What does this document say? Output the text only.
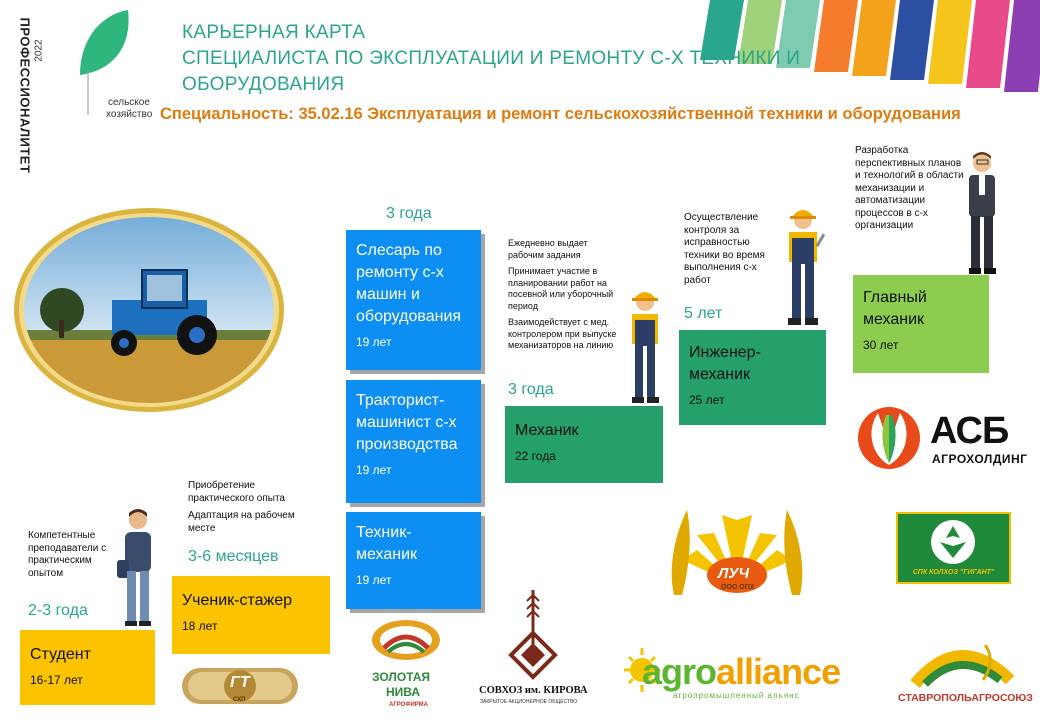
ПРОФЕССИОНАЛИТЕТ 2022
сельское
хозяйство
КАРЬЕРНАЯ КАРТА
СПЕЦИАЛИСТА ПО ЭКСПЛУАТАЦИИ И РЕМОНТУ С-Х ТЕХНИКИ И
ОБОРУДОВАНИЯ
Специальность: 35.02.16 Эксплуатация и ремонт сельскохозяйственной техники и оборудования
2-3 года
3-6 месяцев
3 года
3 года
5 лет

Компетентные преподаватели с практическим опытом

Приобретение практического опыта

Адаптация на рабочем месте

Ежедневно выдает рабочим задания

Принимает участие в планировании работ на посевной или уборочный период

Взаимодействует с мед. контролером при выпуске механизаторов на линию

Осуществление контроля за исправностью техники во время выполнения с-х работ

Разработка перспективных планов и технологий в области механизации и автоматизации процессов в с-х организации

Студент
16-17 лет
Ученик-стажер
18 лет
Слесарь по ремонту с-х машин и оборудования
19 лет
Тракторист-машинист с-х производства
19 лет
Техник-механик
19 лет
Механик
22 года
Инженер-механик
25 лет
Главный механик
30 лет
АСБ
АГРОХОЛДИНГ
ЛУЧ
ООО ОПХ
СПК КОЛХОЗ "ГИГАНТ"
ГТ
СХП
ЗОЛОТАЯ
НИВА
АГРОФИРМА
СОВХОЗ им. КИРОВА
ЗАКРЫТОЕ АКЦИОНЕРНОЕ ОБЩЕСТВО
agroalliance
агропромышленный альянс	СТАВРОПОЛЬАГРОСОЮЗ
